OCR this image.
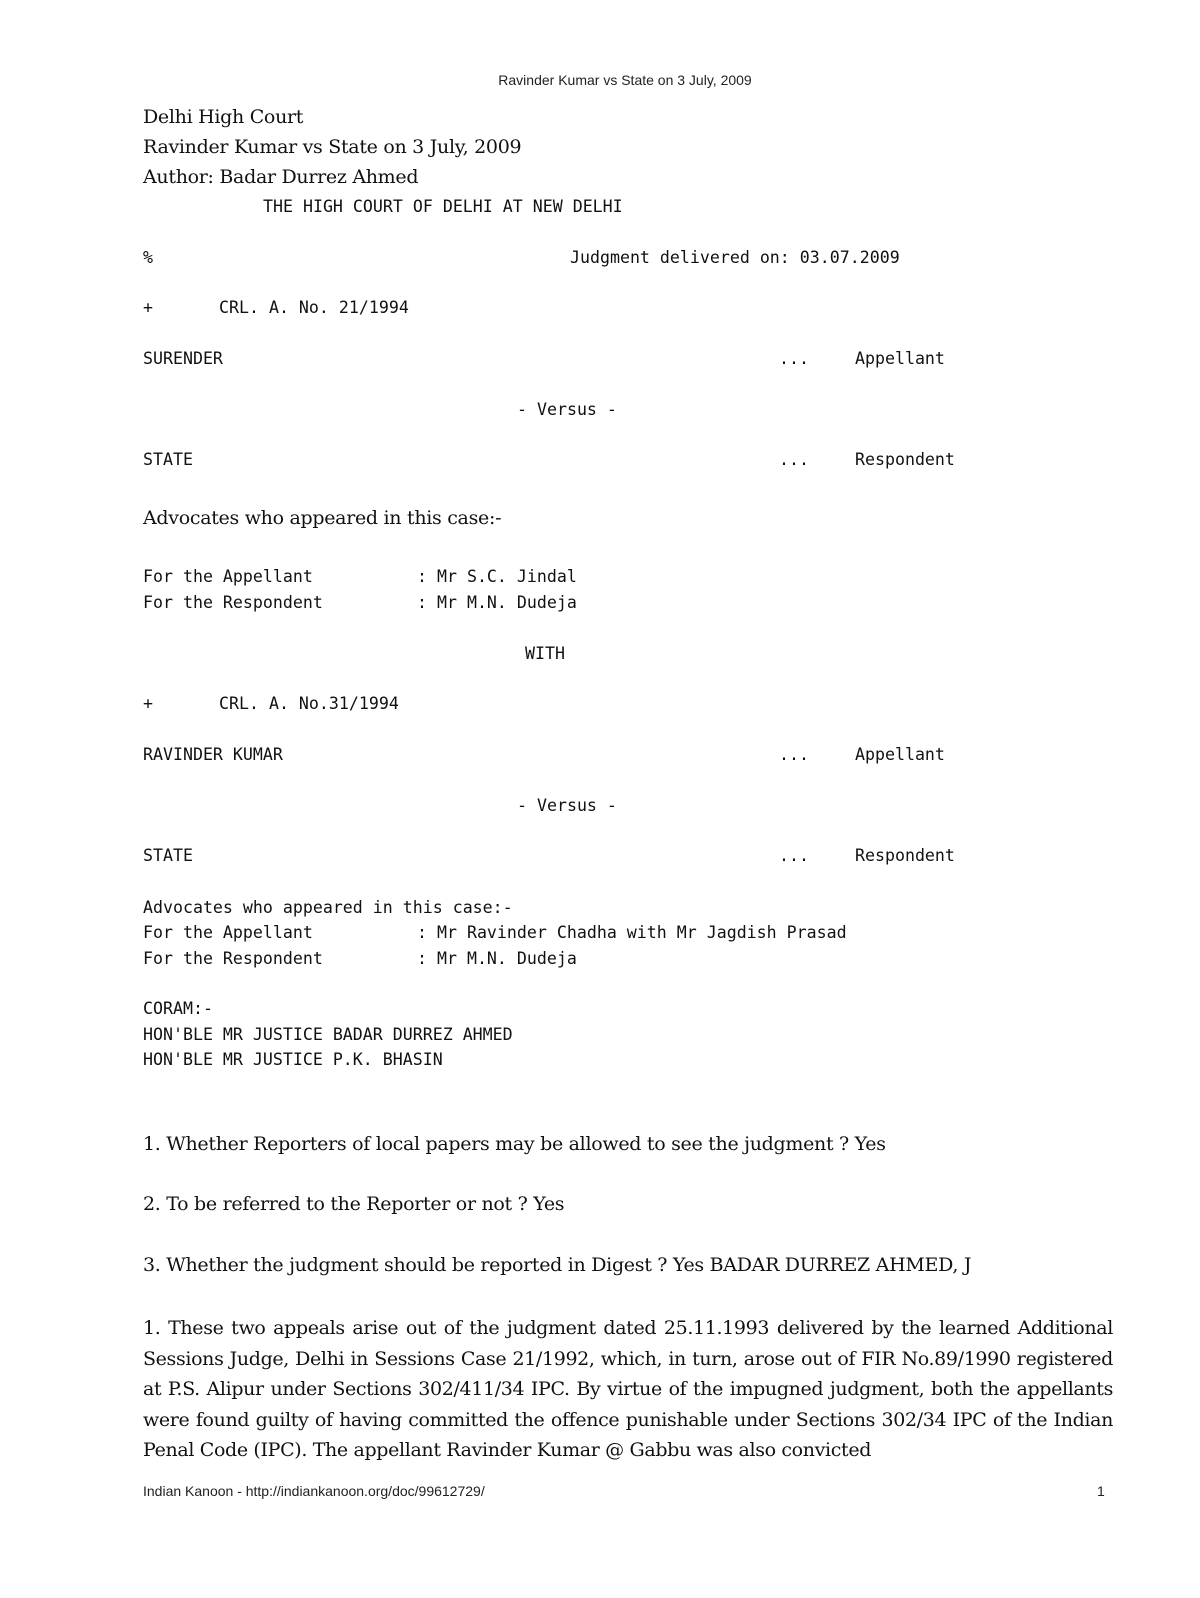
Ravinder Kumar vs State on 3 July, 2009
Delhi High Court
Ravinder Kumar vs State on 3 July, 2009
Author: Badar Durrez Ahmed
THE HIGH COURT OF DELHI AT NEW DELHI
%	Judgment delivered on: 03.07.2009
+	CRL. A. No. 21/1994
SURENDER	...	Appellant
- Versus -
STATE	...	Respondent
Advocates who appeared in this case:-
For the Appellant	: Mr S.C. Jindal
For the Respondent	: Mr M.N. Dudeja
WITH
+	CRL. A. No.31/1994
RAVINDER KUMAR	...	Appellant
- Versus -
STATE	...	Respondent
Advocates who appeared in this case:-
For the Appellant	: Mr Ravinder Chadha with Mr Jagdish Prasad
For the Respondent	: Mr M.N. Dudeja
CORAM:-
HON'BLE MR JUSTICE BADAR DURREZ AHMED
HON'BLE MR JUSTICE P.K. BHASIN
1. Whether Reporters of local papers may be allowed to see the judgment ? Yes
2. To be referred to the Reporter or not ? Yes
3. Whether the judgment should be reported in Digest ? Yes BADAR DURREZ AHMED, J

1. These two appeals arise out of the judgment dated 25.11.1993 delivered by the learned Additional Sessions Judge, Delhi in Sessions Case 21/1992, which, in turn, arose out of FIR No.89/1990 registered at P.S. Alipur under Sections 302/411/34 IPC. By virtue of the impugned judgment, both the appellants were found guilty of having committed the offence punishable under Sections 302/34 IPC of the Indian Penal Code (IPC). The appellant Ravinder Kumar @ Gabbu was also convicted

Indian Kanoon - http://indiankanoon.org/doc/99612729/	1
